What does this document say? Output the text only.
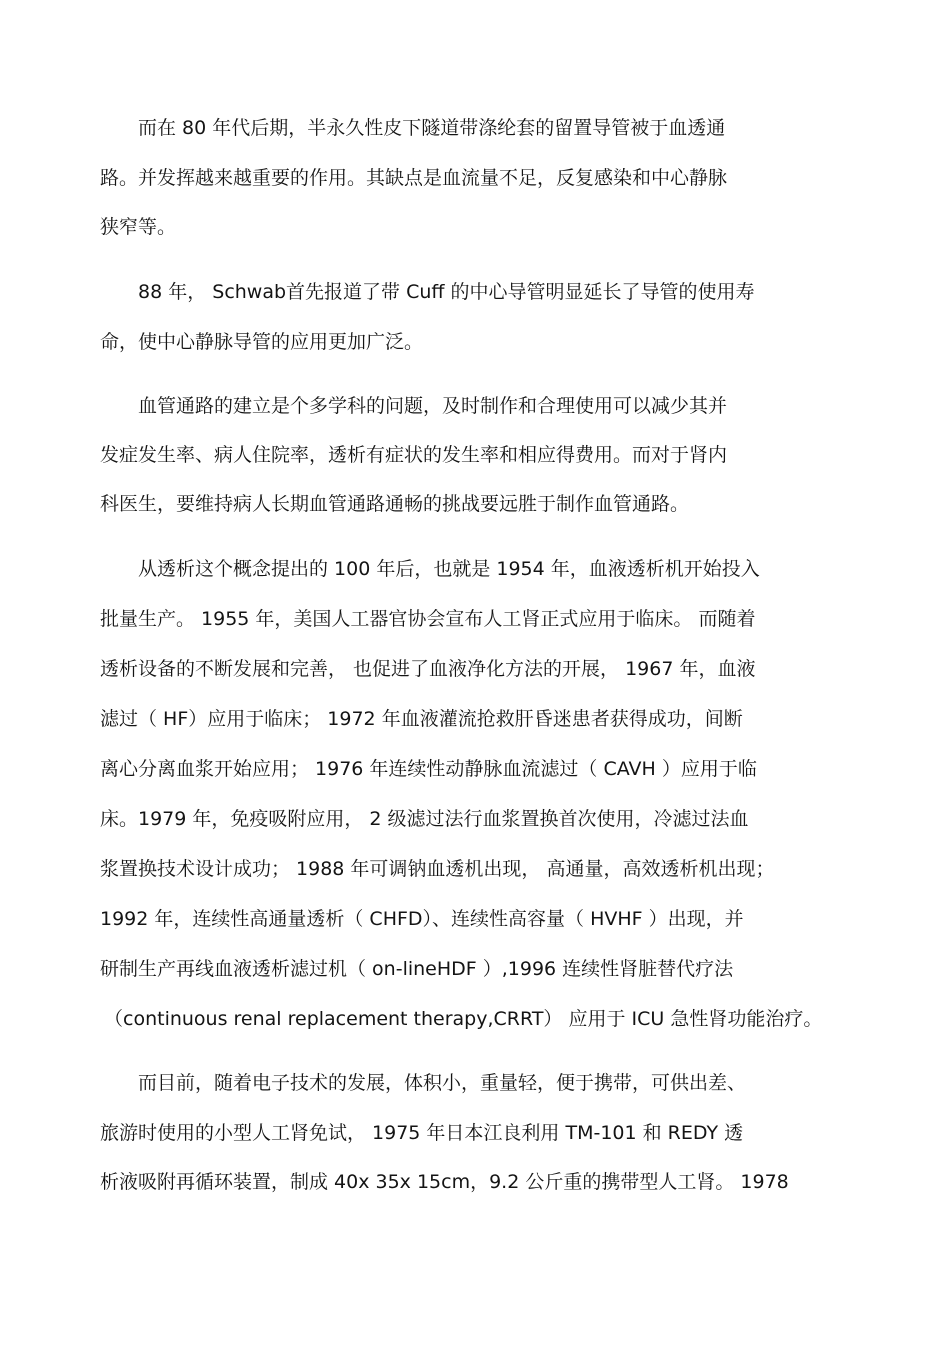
而在 80 年代后期，半永久性皮下隧道带涤纶套的留置导管被于血透通
路。并发挥越来越重要的作用。其缺点是血流量不足，反复感染和中心静脉
狭窄等。
88 年， Schwab首先报道了带 Cuff 的中心导管明显延长了导管的使用寿
命，使中心静脉导管的应用更加广泛。
血管通路的建立是个多学科的问题，及时制作和合理使用可以减少其并
发症发生率、病人住院率，透析有症状的发生率和相应得费用。而对于肾内
科医生，要维持病人长期血管通路通畅的挑战要远胜于制作血管通路。
从透析这个概念提出的 100 年后，也就是 1954 年，血液透析机开始投入
批量生产。 1955 年，美国人工器官协会宣布人工肾正式应用于临床。 而随着
透析设备的不断发展和完善， 也促进了血液净化方法的开展， 1967 年，血液
滤过（ HF）应用于临床； 1972 年血液灌流抢救肝昏迷患者获得成功，间断
离心分离血浆开始应用； 1976 年连续性动静脉血流滤过（ CAVH ）应用于临
床。1979 年，免疫吸附应用， 2 级滤过法行血浆置换首次使用，冷滤过法血
浆置换技术设计成功； 1988 年可调钠血透机出现， 高通量，高效透析机出现；
1992 年，连续性高通量透析（ CHFD）、连续性高容量（ HVHF ）出现，并
研制生产再线血液透析滤过机（ on-lineHDF ）,1996 连续性肾脏替代疗法
（continuous renal replacement therapy,CRRT） 应用于 ICU 急性肾功能治疗。
而目前，随着电子技术的发展，体积小，重量轻，便于携带，可供出差、
旅游时使用的小型人工肾免试， 1975 年日本江良利用 TM-101 和 REDY 透
析液吸附再循环装置，制成 40x 35x 15cm，9.2 公斤重的携带型人工肾。 1978
